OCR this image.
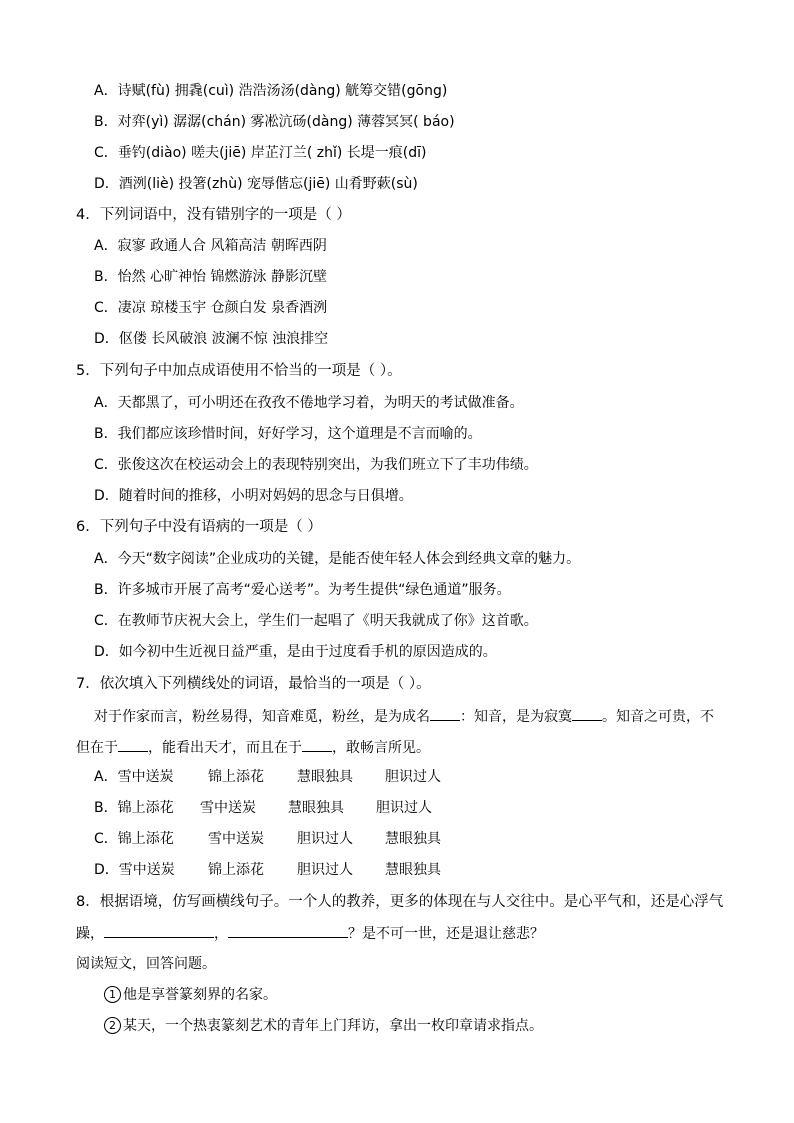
A．诗赋(fù) 拥毳(cuì) 浩浩汤汤(dàng) 觥筹交错(gōng)
B．对弈(yì) 潺潺(chán) 雾凇沆砀(dàng) 薄蓉冥冥( báo)
C．垂钓(diào) 嗟夫(jiē) 岸芷汀兰( zhǐ) 长堤一痕(dī)
D．酒洌(liè) 投箸(zhù) 宠辱偕忘(jiē) 山肴野蔌(sù)
4．下列词语中，没有错别字的一项是（ ）
A．寂寥 政通人合 风箱高洁 朝晖西阴
B．怡然 心旷神怡 锦燃游泳 静影沉壁
C．凄凉 琼楼玉宇 仓颜白发 泉香酒洌
D．伛偻 长风破浪 波澜不惊 浊浪排空
5．下列句子中加点成语使用不恰当的一项是（ ）。
A．天都黑了，可小明还在孜孜不倦地学习着，为明天的考试做准备。
B．我们都应该珍惜时间，好好学习，这个道理是不言而喻的。
C．张俊这次在校运动会上的表现特别突出，为我们班立下了丰功伟绩。
D．随着时间的推移，小明对妈妈的思念与日俱增。
6．下列句子中没有语病的一项是（ ）
A．今天“数字阅读”企业成功的关键，是能否使年轻人体会到经典文章的魅力。
B．许多城市开展了高考“爱心送考”。为考生提供“绿色通道”服务。
C．在教师节庆祝大会上，学生们一起唱了《明天我就成了你》这首歌。
D．如今初中生近视日益严重，是由于过度看手机的原因造成的。
7．依次填入下列横线处的词语，最恰当的一项是（ ）。
对于作家而言，粉丝易得，知音难觅，粉丝，是为成名 ：知音，是为寂寞 。知音之可贵，不
但在于 ，能看出天才，而且在于 ，敢畅言所见。
A．雪中送炭 锦上添花 慧眼独具 胆识过人
B．锦上添花 雪中送炭 慧眼独具 胆识过人
C．锦上添花 雪中送炭 胆识过人 慧眼独具
D．雪中送炭 锦上添花 胆识过人 慧眼独具
8．根据语境，仿写画横线句子。一个人的教养，更多的体现在与人交往中。是心平气和，还是心浮气
躁，	，	？是不可一世，还是退让慈悲？
阅读短文，回答问题。
1 他是享誉篆刻界的名家。
2 某天，一个热衷篆刻艺术的青年上门拜访，拿出一枚印章请求指点。
